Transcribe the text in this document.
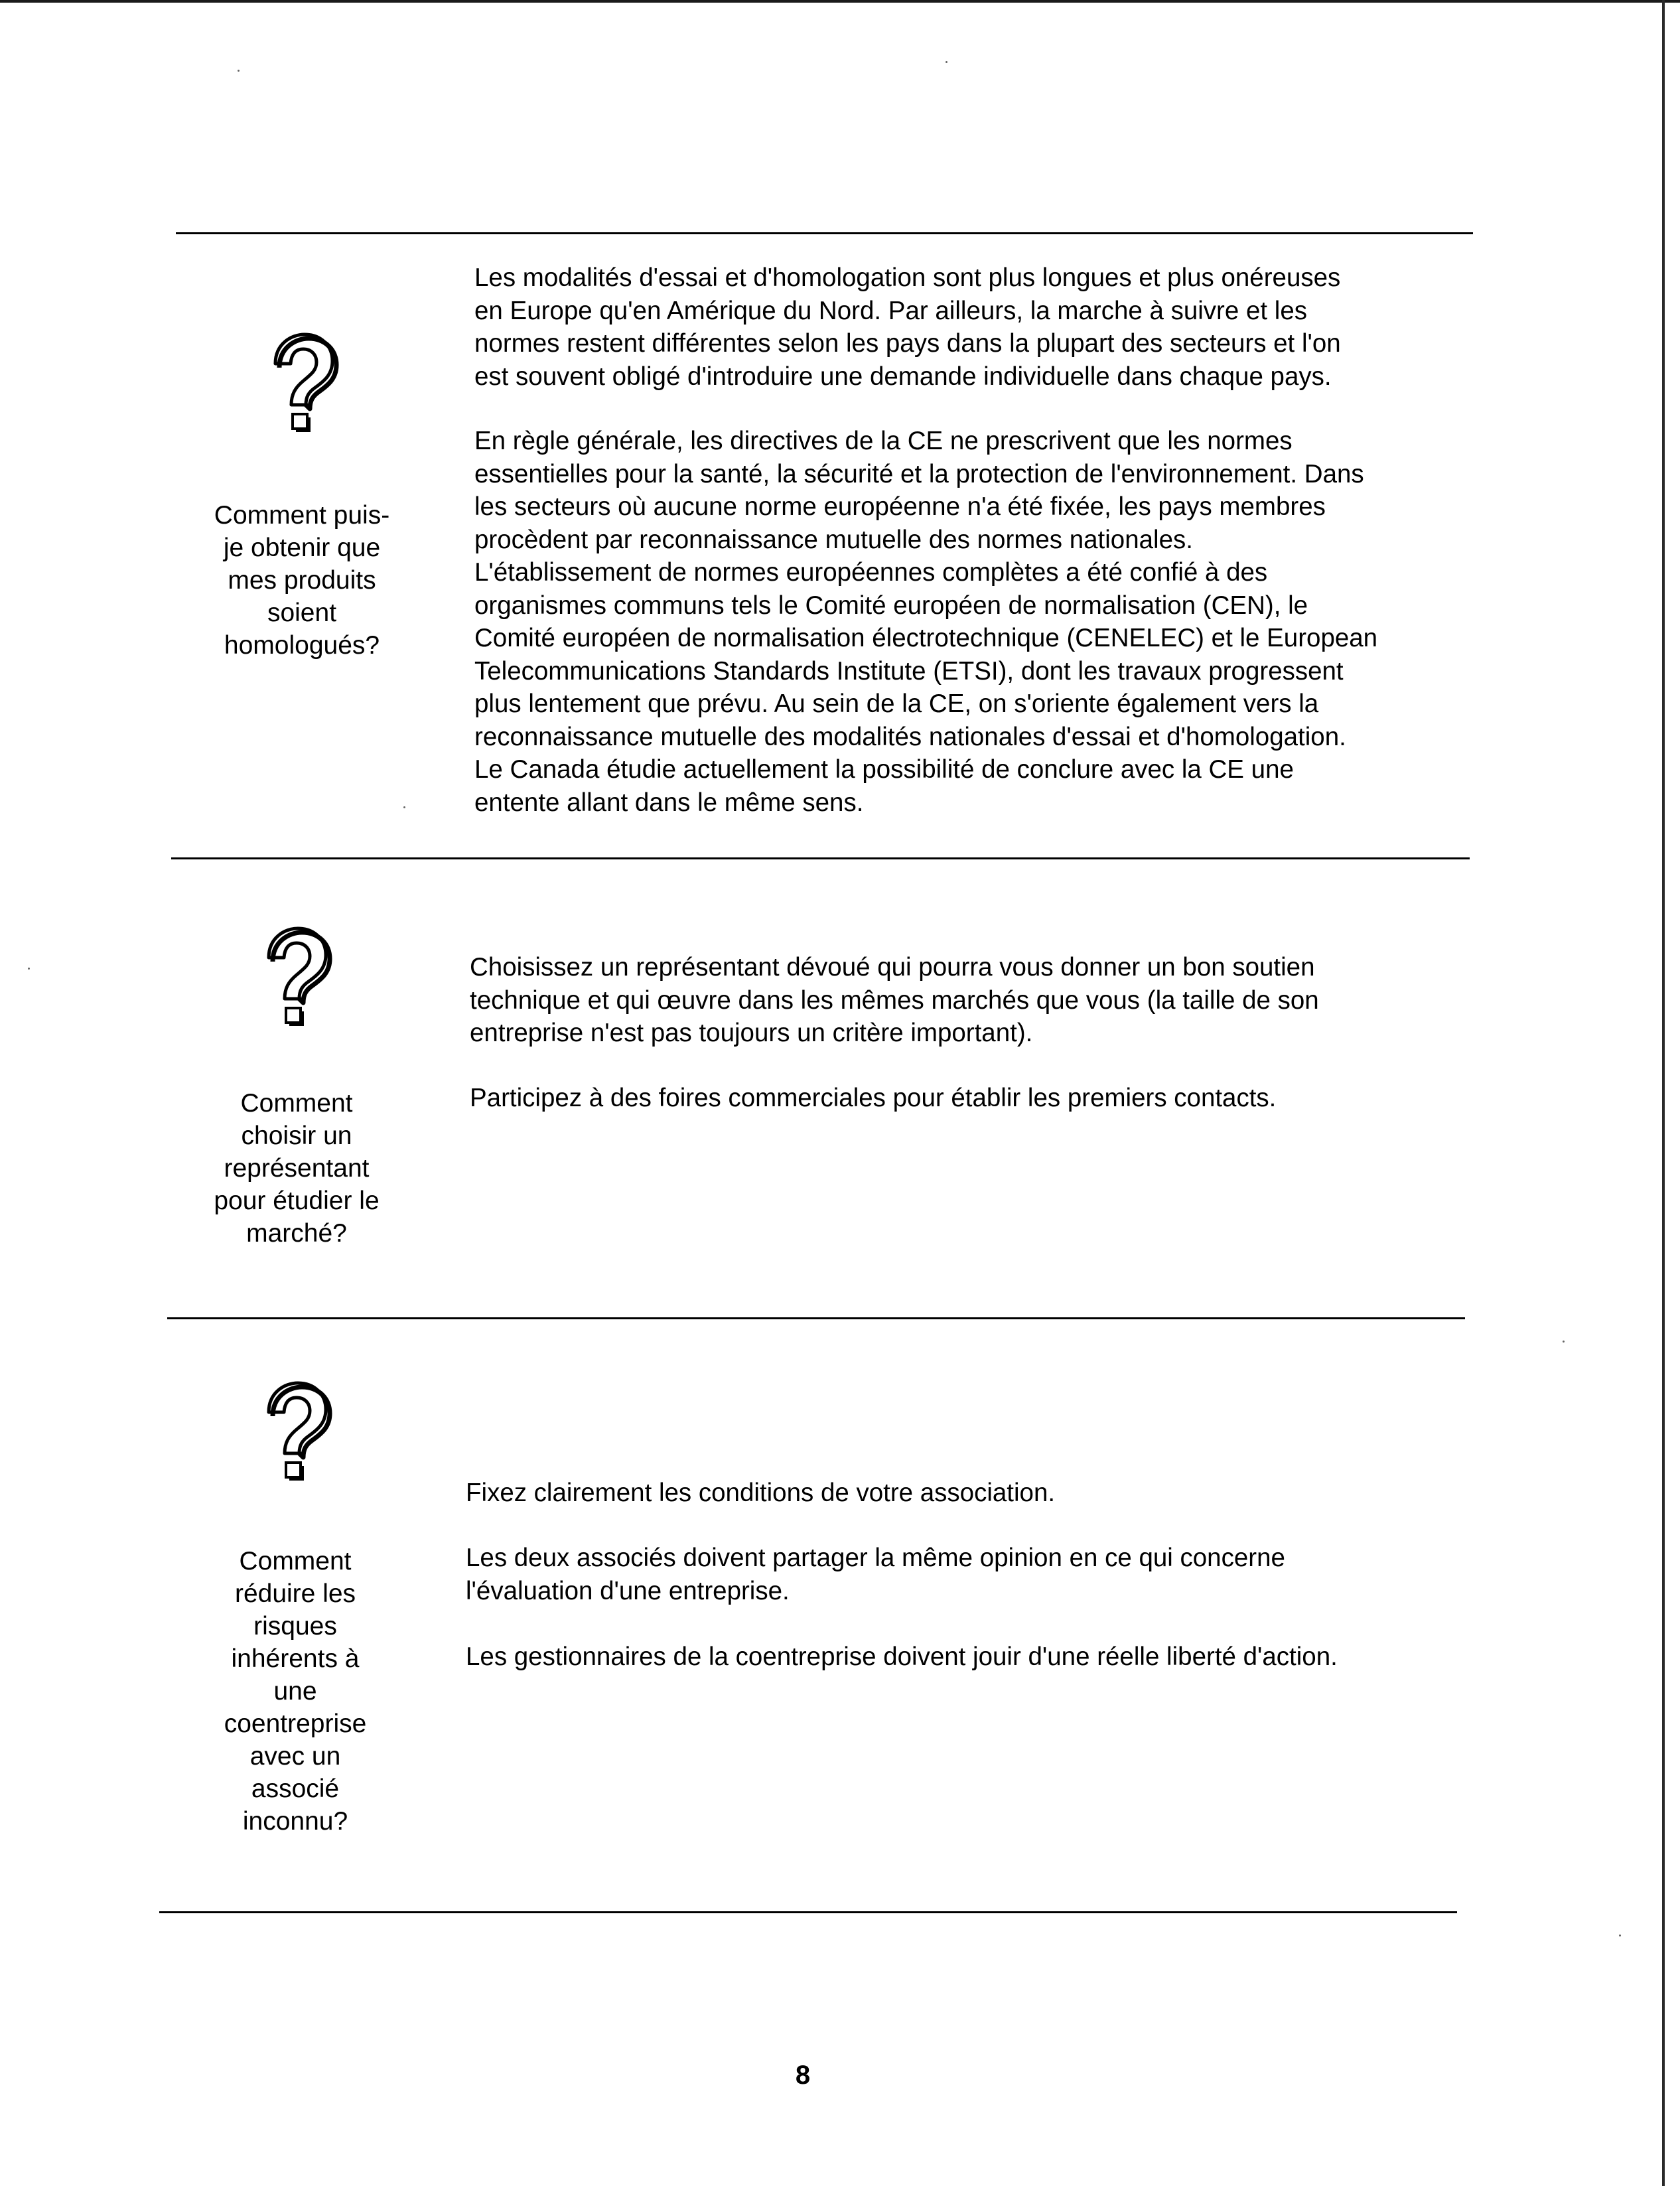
Comment puis-
je obtenir que
mes produits
soient
homologués?

Les modalités d'essai et d'homologation sont plus longues et plus onéreuses
en Europe qu'en Amérique du Nord. Par ailleurs, la marche à suivre et les
normes restent différentes selon les pays dans la plupart des secteurs et l'on
est souvent obligé d'introduire une demande individuelle dans chaque pays.

En règle générale, les directives de la CE ne prescrivent que les normes
essentielles pour la santé, la sécurité et la protection de l'environnement. Dans
les secteurs où aucune norme européenne n'a été fixée, les pays membres
procèdent par reconnaissance mutuelle des normes nationales.
L'établissement de normes européennes complètes a été confié à des
organismes communs tels le Comité européen de normalisation (CEN), le
Comité européen de normalisation électrotechnique (CENELEC) et le European
Telecommunications Standards Institute (ETSI), dont les travaux progressent
plus lentement que prévu. Au sein de la CE, on s'oriente également vers la
reconnaissance mutuelle des modalités nationales d'essai et d'homologation.
Le Canada étudie actuellement la possibilité de conclure avec la CE une
entente allant dans le même sens.

Comment
choisir un
représentant
pour étudier le
marché?

Choisissez un représentant dévoué qui pourra vous donner un bon soutien
technique et qui œuvre dans les mêmes marchés que vous (la taille de son
entreprise n'est pas toujours un critère important).

Participez à des foires commerciales pour établir les premiers contacts.

Comment
réduire les
risques
inhérents à
une
coentreprise
avec un
associé
inconnu?

Fixez clairement les conditions de votre association.

Les deux associés doivent partager la même opinion en ce qui concerne
l'évaluation d'une entreprise.

Les gestionnaires de la coentreprise doivent jouir d'une réelle liberté d'action.

8
